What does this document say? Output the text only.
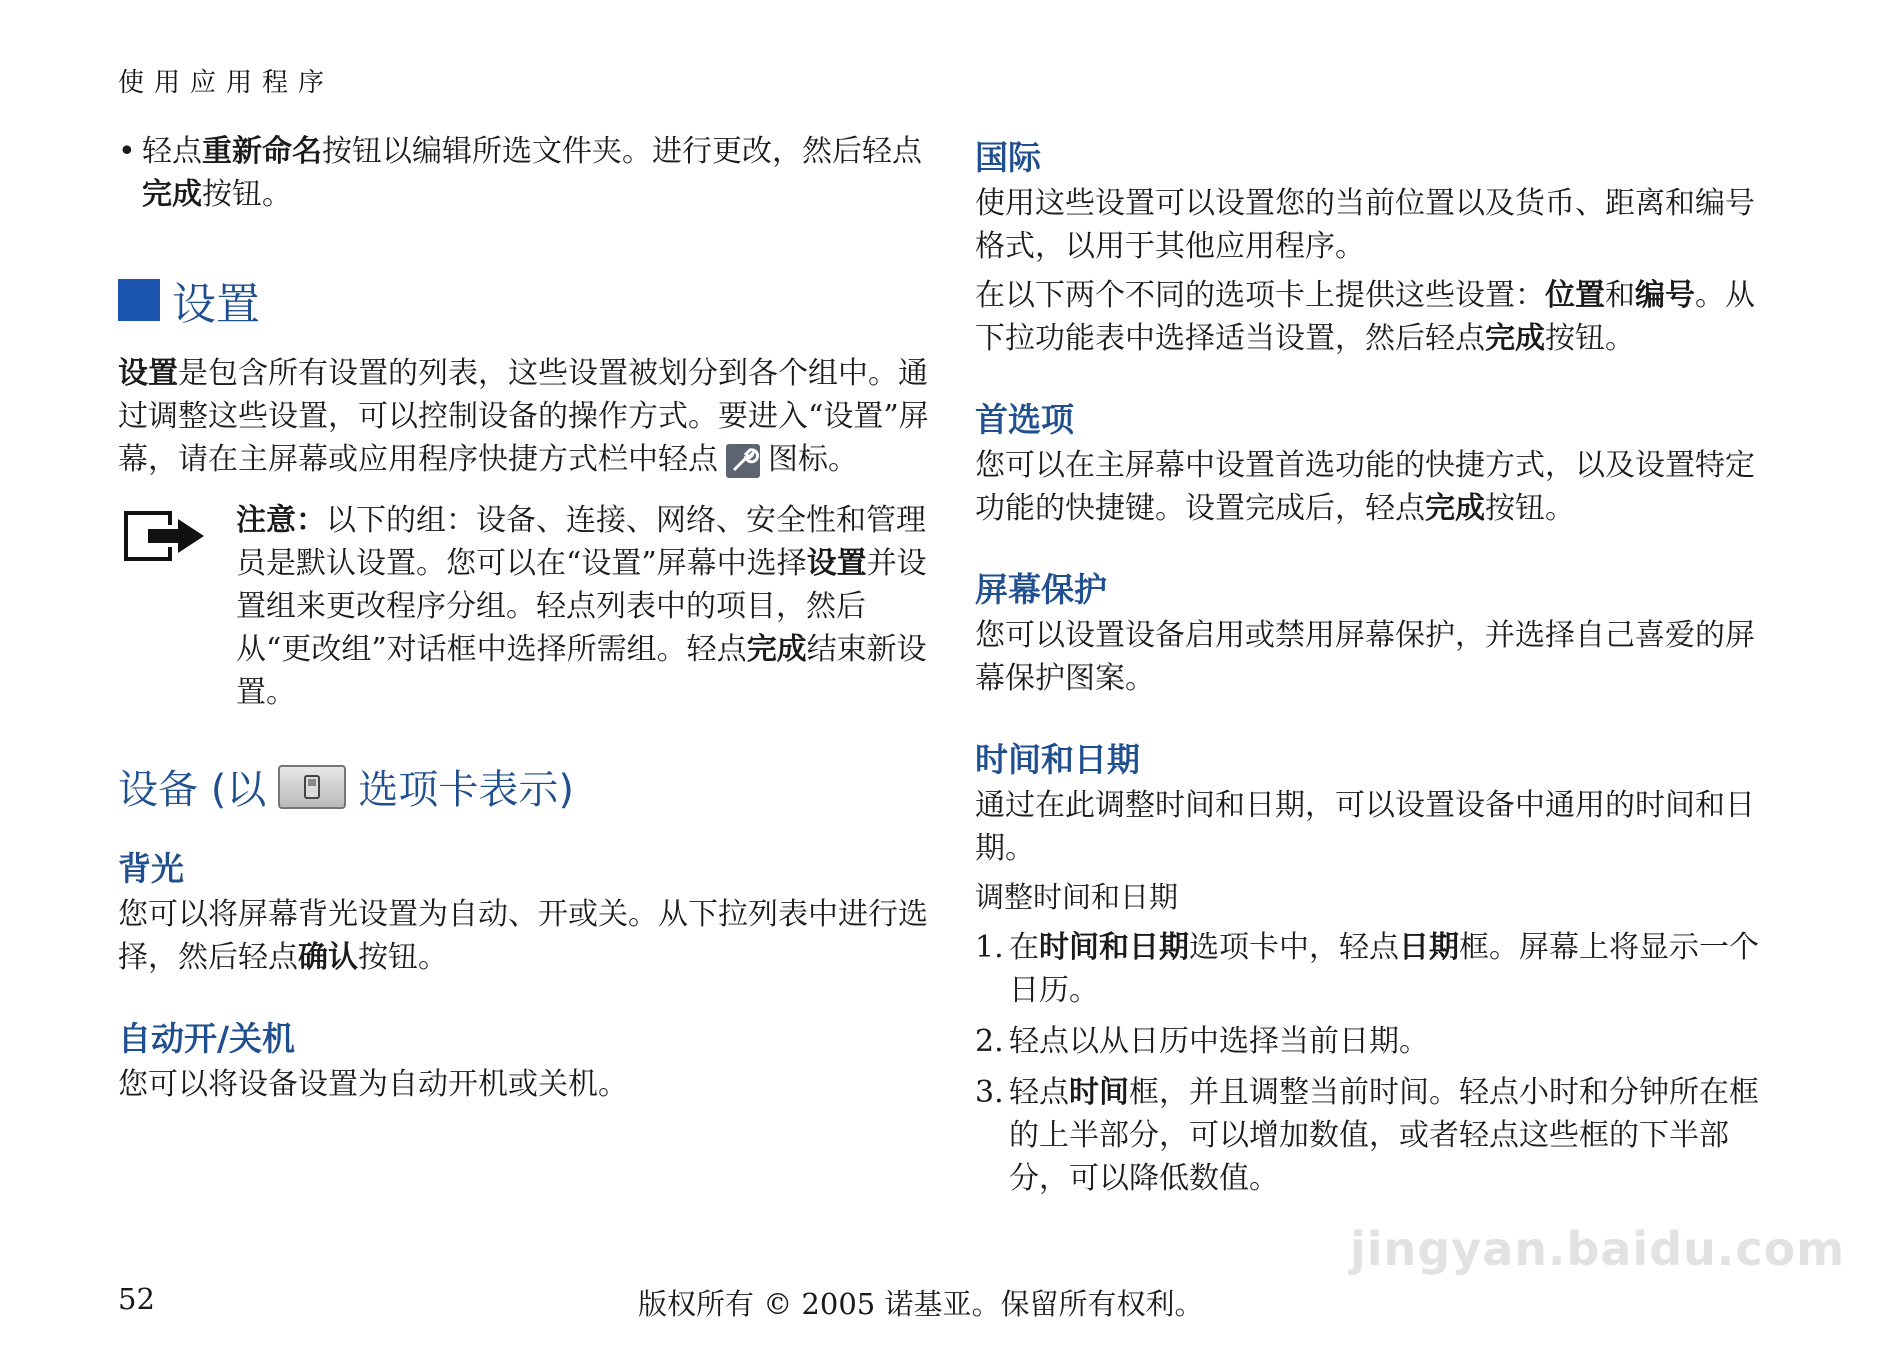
使用应用程序
• 轻点重新命名按钮以编辑所选文件夹。进行更改，然后轻点完成按钮。
设置

设置是包含所有设置的列表，这些设置被划分到各个组中。通过调整这些设置，可以控制设备的操作方式。要进入“设置”屏幕，请在主屏幕或应用程序快捷方式栏中轻点 图标。

注意：以下的组：设备、连接、网络、安全性和管理员是默认设置。您可以在“设置”屏幕中选择设置并设置组来更改程序分组。轻点列表中的项目，然后从“更改组”对话框中选择所需组。轻点完成结束新设置。
设备 (以 选项卡表示)
背光

您可以将屏幕背光设置为自动、开或关。从下拉列表中进行选择，然后轻点确认按钮。

自动开/关机

您可以将设备设置为自动开机或关机。

国际

使用这些设置可以设置您的当前位置以及货币、距离和编号格式，以用于其他应用程序。

在以下两个不同的选项卡上提供这些设置：位置和编号。从下拉功能表中选择适当设置，然后轻点完成按钮。

首选项

您可以在主屏幕中设置首选功能的快捷方式，以及设置特定功能的快捷键。设置完成后，轻点完成按钮。

屏幕保护

您可以设置设备启用或禁用屏幕保护，并选择自己喜爱的屏幕保护图案。

时间和日期

通过在此调整时间和日期，可以设置设备中通用的时间和日期。

调整时间和日期
1. 在时间和日期选项卡中，轻点日期框。屏幕上将显示一个日历。
2. 轻点以从日历中选择当前日期。
3. 轻点时间框，并且调整当前时间。轻点小时和分钟所在框的上半部分，可以增加数值，或者轻点这些框的下半部分，可以降低数值。
52	版权所有 © 2005 诺基亚。保留所有权利。
jingyan.baidu.com
